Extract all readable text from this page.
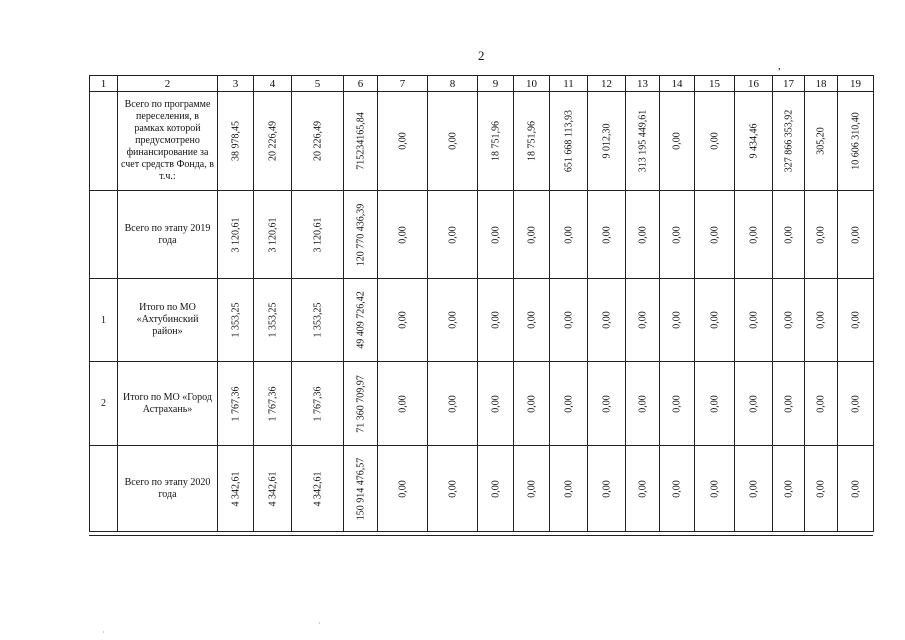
2
,
1	2	3	4	5	6	7	8	9	10	11	12	13	14	15	16	17	18	19
	Всего по программе переселения, в рамках которой предусмотрено финансирование за счет средств Фонда, в т.ч.:	38 978,45	20 226,49	20 226,49	715234165,84	0,00	0,00	18 751,96	18 751,96	651 668 113,93	9 012,30	313 195 449,61	0,00	0,00	9 434,46	327 866 353,92	305,20	10 606 310,40

	Всего по этапу 2019 года	3 120,61	3 120,61	3 120,61	120 770 436,39	0,00	0,00	0,00	0,00	0,00	0,00	0,00	0,00	0,00	0,00	0,00	0,00	0,00

1	Итого по МО «Ахтубинский район»	1 353,25	1 353,25	1 353,25	49 409 726,42	0,00	0,00	0,00	0,00	0,00	0,00	0,00	0,00	0,00	0,00	0,00	0,00	0,00

2	Итого по МО «Город Астрахань»	1 767,36	1 767,36	1 767,36	71 360 709,97	0,00	0,00	0,00	0,00	0,00	0,00	0,00	0,00	0,00	0,00	0,00	0,00	0,00

	Всего по этапу 2020 года	4 342,61	4 342,61	4 342,61	150 914 476,57	0,00	0,00	0,00	0,00	0,00	0,00	0,00	0,00	0,00	0,00	0,00	0,00	0,00
·
·
